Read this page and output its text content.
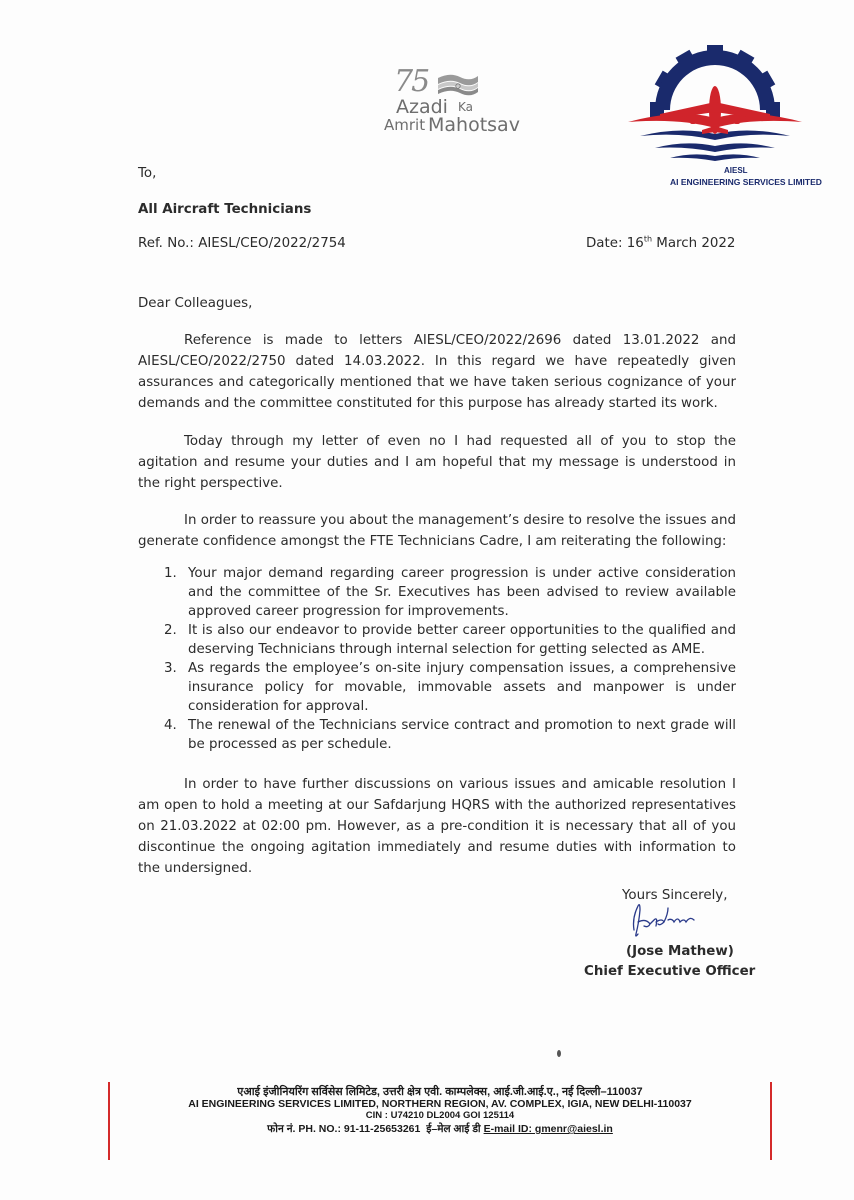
75
Azadi Ka
Amrit Mahotsav
AIESL
AI ENGINEERING SERVICES LIMITED
To,
All Aircraft Technicians
Ref. No.: AIESL/CEO/2022/2754	Date: 16th March 2022
Dear Colleagues,
Reference is made to letters AIESL/CEO/2022/2696 dated 13.01.2022 and AIESL/CEO/2022/2750 dated 14.03.2022. In this regard we have repeatedly given assurances and categorically mentioned that we have taken serious cognizance of your demands and the committee constituted for this purpose has already started its work.
Today through my letter of even no I had requested all of you to stop the agitation and resume your duties and I am hopeful that my message is understood in the right perspective.
In order to reassure you about the management’s desire to resolve the issues and generate confidence amongst the FTE Technicians Cadre, I am reiterating the following:
1. Your major demand regarding career progression is under active consideration and the committee of the Sr. Executives has been advised to review available approved career progression for improvements.
2. It is also our endeavor to provide better career opportunities to the qualified and deserving Technicians through internal selection for getting selected as AME.
3. As regards the employee’s on-site injury compensation issues, a comprehensive insurance policy for movable, immovable assets and manpower is under consideration for approval.
4. The renewal of the Technicians service contract and promotion to next grade will be processed as per schedule.
In order to have further discussions on various issues and amicable resolution I am open to hold a meeting at our Safdarjung HQRS with the authorized representatives on 21.03.2022 at 02:00 pm. However, as a pre-condition it is necessary that all of you discontinue the ongoing agitation immediately and resume duties with information to the undersigned.
Yours Sincerely,
(Jose Mathew)
Chief Executive Officer
एआई इंजीनियरिंग सर्विसेस लिमिटेड, उत्तरी क्षेत्र एवी. काम्पलेक्स, आई.जी.आई.ए., नई दिल्ली–110037
AI ENGINEERING SERVICES LIMITED, NORTHERN REGION, AV. COMPLEX, IGIA, NEW DELHI-110037
CIN : U74210 DL2004 GOI 125114
फोन नं. PH. NO.: 91-11-25653261 ई–मेल आई डी E-mail ID: gmenr@aiesl.in
